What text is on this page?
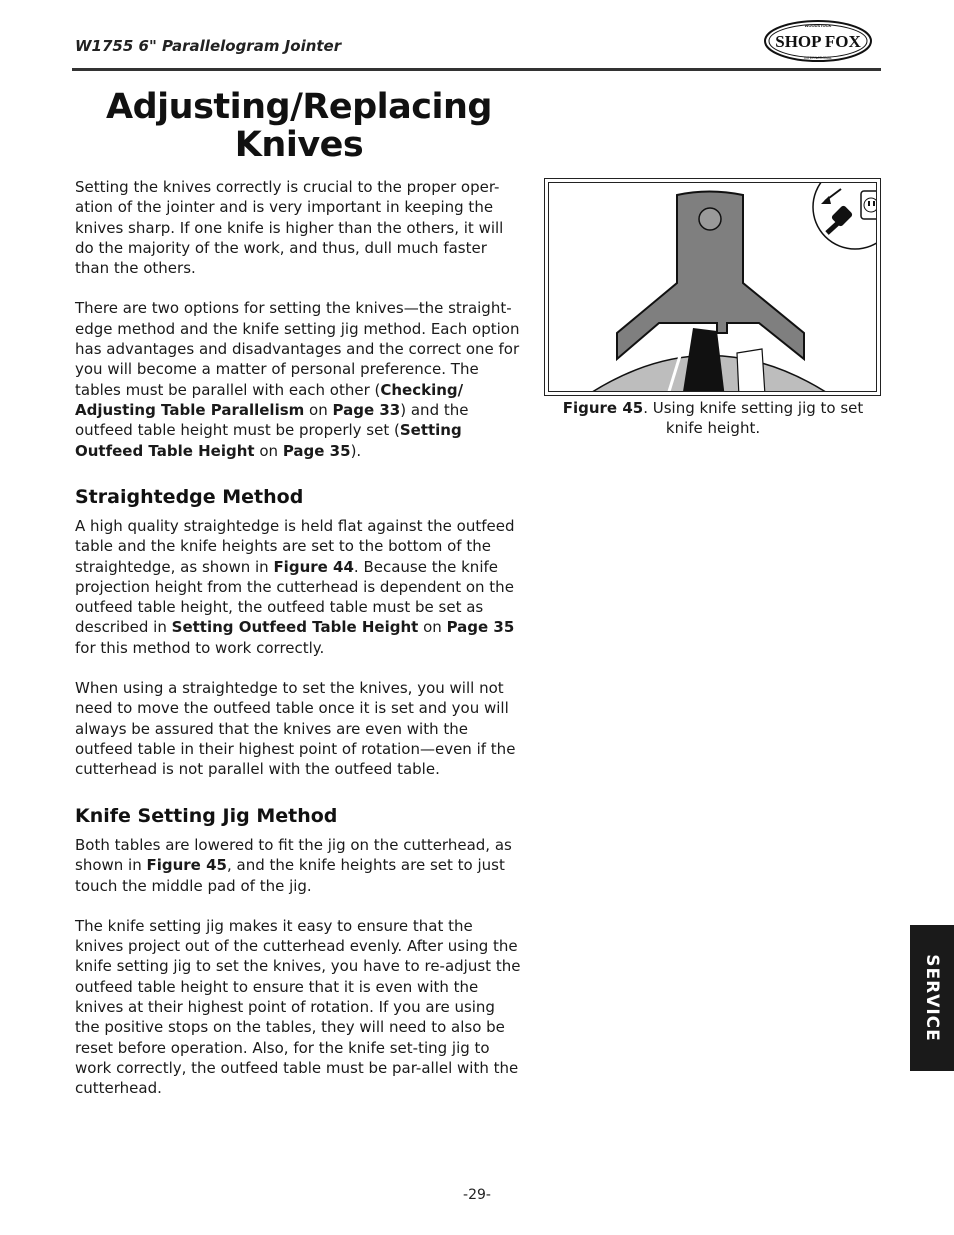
W1755 6" Parallelogram Jointer	SHOP FOX
WOODSTOCK
INTERNATIONAL
Adjusting/Replacing
Knives

Setting the knives correctly is crucial to the proper oper-ation of the jointer and is very important in keeping the knives sharp. If one knife is higher than the others, it will do the majority of the work, and thus, dull much faster than the others.

There are two options for setting the knives—the straight-edge method and the knife setting jig method. Each option has advantages and disadvantages and the correct one for you will become a matter of personal preference. The tables must be parallel with each other (Checking/ Adjusting Table Parallelism on Page 33) and the outfeed table height must be properly set (Setting Outfeed Table Height on Page 35).

Straightedge Method

A high quality straightedge is held flat against the outfeed table and the knife heights are set to the bottom of the straightedge, as shown in Figure 44. Because the knife projection height from the cutterhead is dependent on the outfeed table height, the outfeed table must be set as described in Setting Outfeed Table Height on Page 35 for this method to work correctly.

When using a straightedge to set the knives, you will not need to move the outfeed table once it is set and you will always be assured that the knives are even with the outfeed table in their highest point of rotation—even if the cutterhead is not parallel with the outfeed table.

Knife Setting Jig Method

Both tables are lowered to fit the jig on the cutterhead, as shown in Figure 45, and the knife heights are set to just touch the middle pad of the jig.

The knife setting jig makes it easy to ensure that the knives project out of the cutterhead evenly. After using the knife setting jig to set the knives, you have to re-adjust the outfeed table height to ensure that it is even with the knives at their highest point of rotation. If you are using the positive stops on the tables, they will need to also be reset before operation. Also, for the knife set-ting jig to work correctly, the outfeed table must be par-allel with the cutterhead.

Figure 45. Using knife setting jig to set knife height.
SERVICE
-29-
